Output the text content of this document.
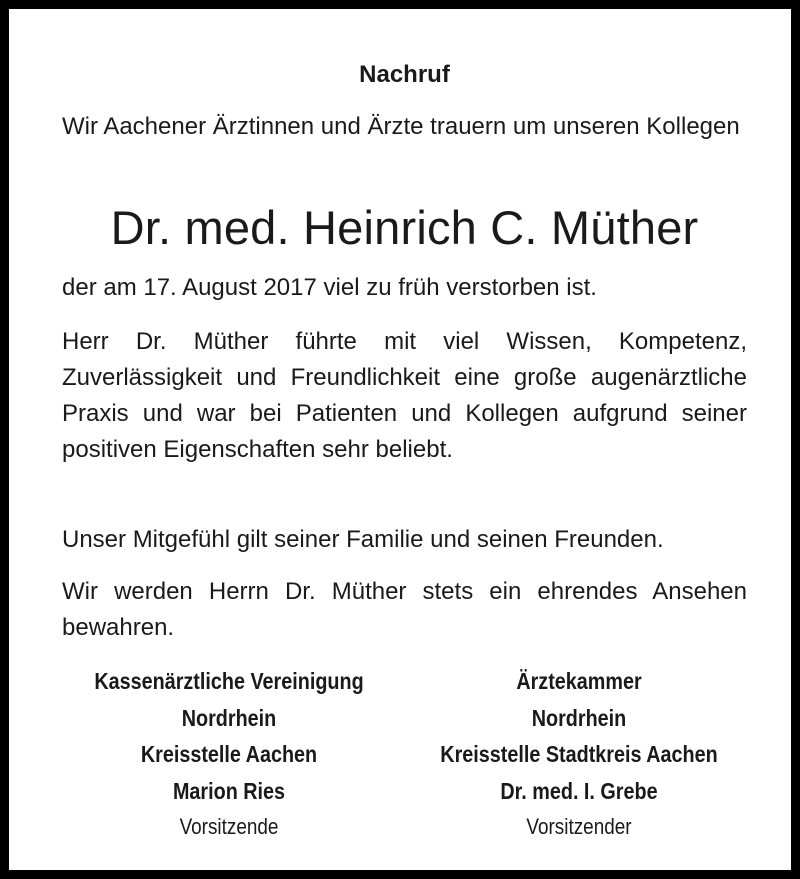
Nachruf

Wir Aachener Ärztinnen und Ärzte trauern um unseren Kollegen

Dr. med. Heinrich C. Müther

der am 17. August 2017 viel zu früh verstorben ist.

Herr Dr. Müther führte mit viel Wissen, Kompetenz, Zuverlässigkeit und Freundlichkeit eine große augenärztliche Praxis und war bei Patienten und Kollegen aufgrund seiner positiven Eigenschaften sehr beliebt.

Unser Mitgefühl gilt seiner Familie und seinen Freunden.

Wir werden Herrn Dr. Müther stets ein ehrendes Ansehen bewahren.

Kassenärztliche Vereinigung
Nordrhein
Kreisstelle Aachen
Marion Ries
Vorsitzende
Ärztekammer
Nordrhein
Kreisstelle Stadtkreis Aachen
Dr. med. I. Grebe
Vorsitzender
